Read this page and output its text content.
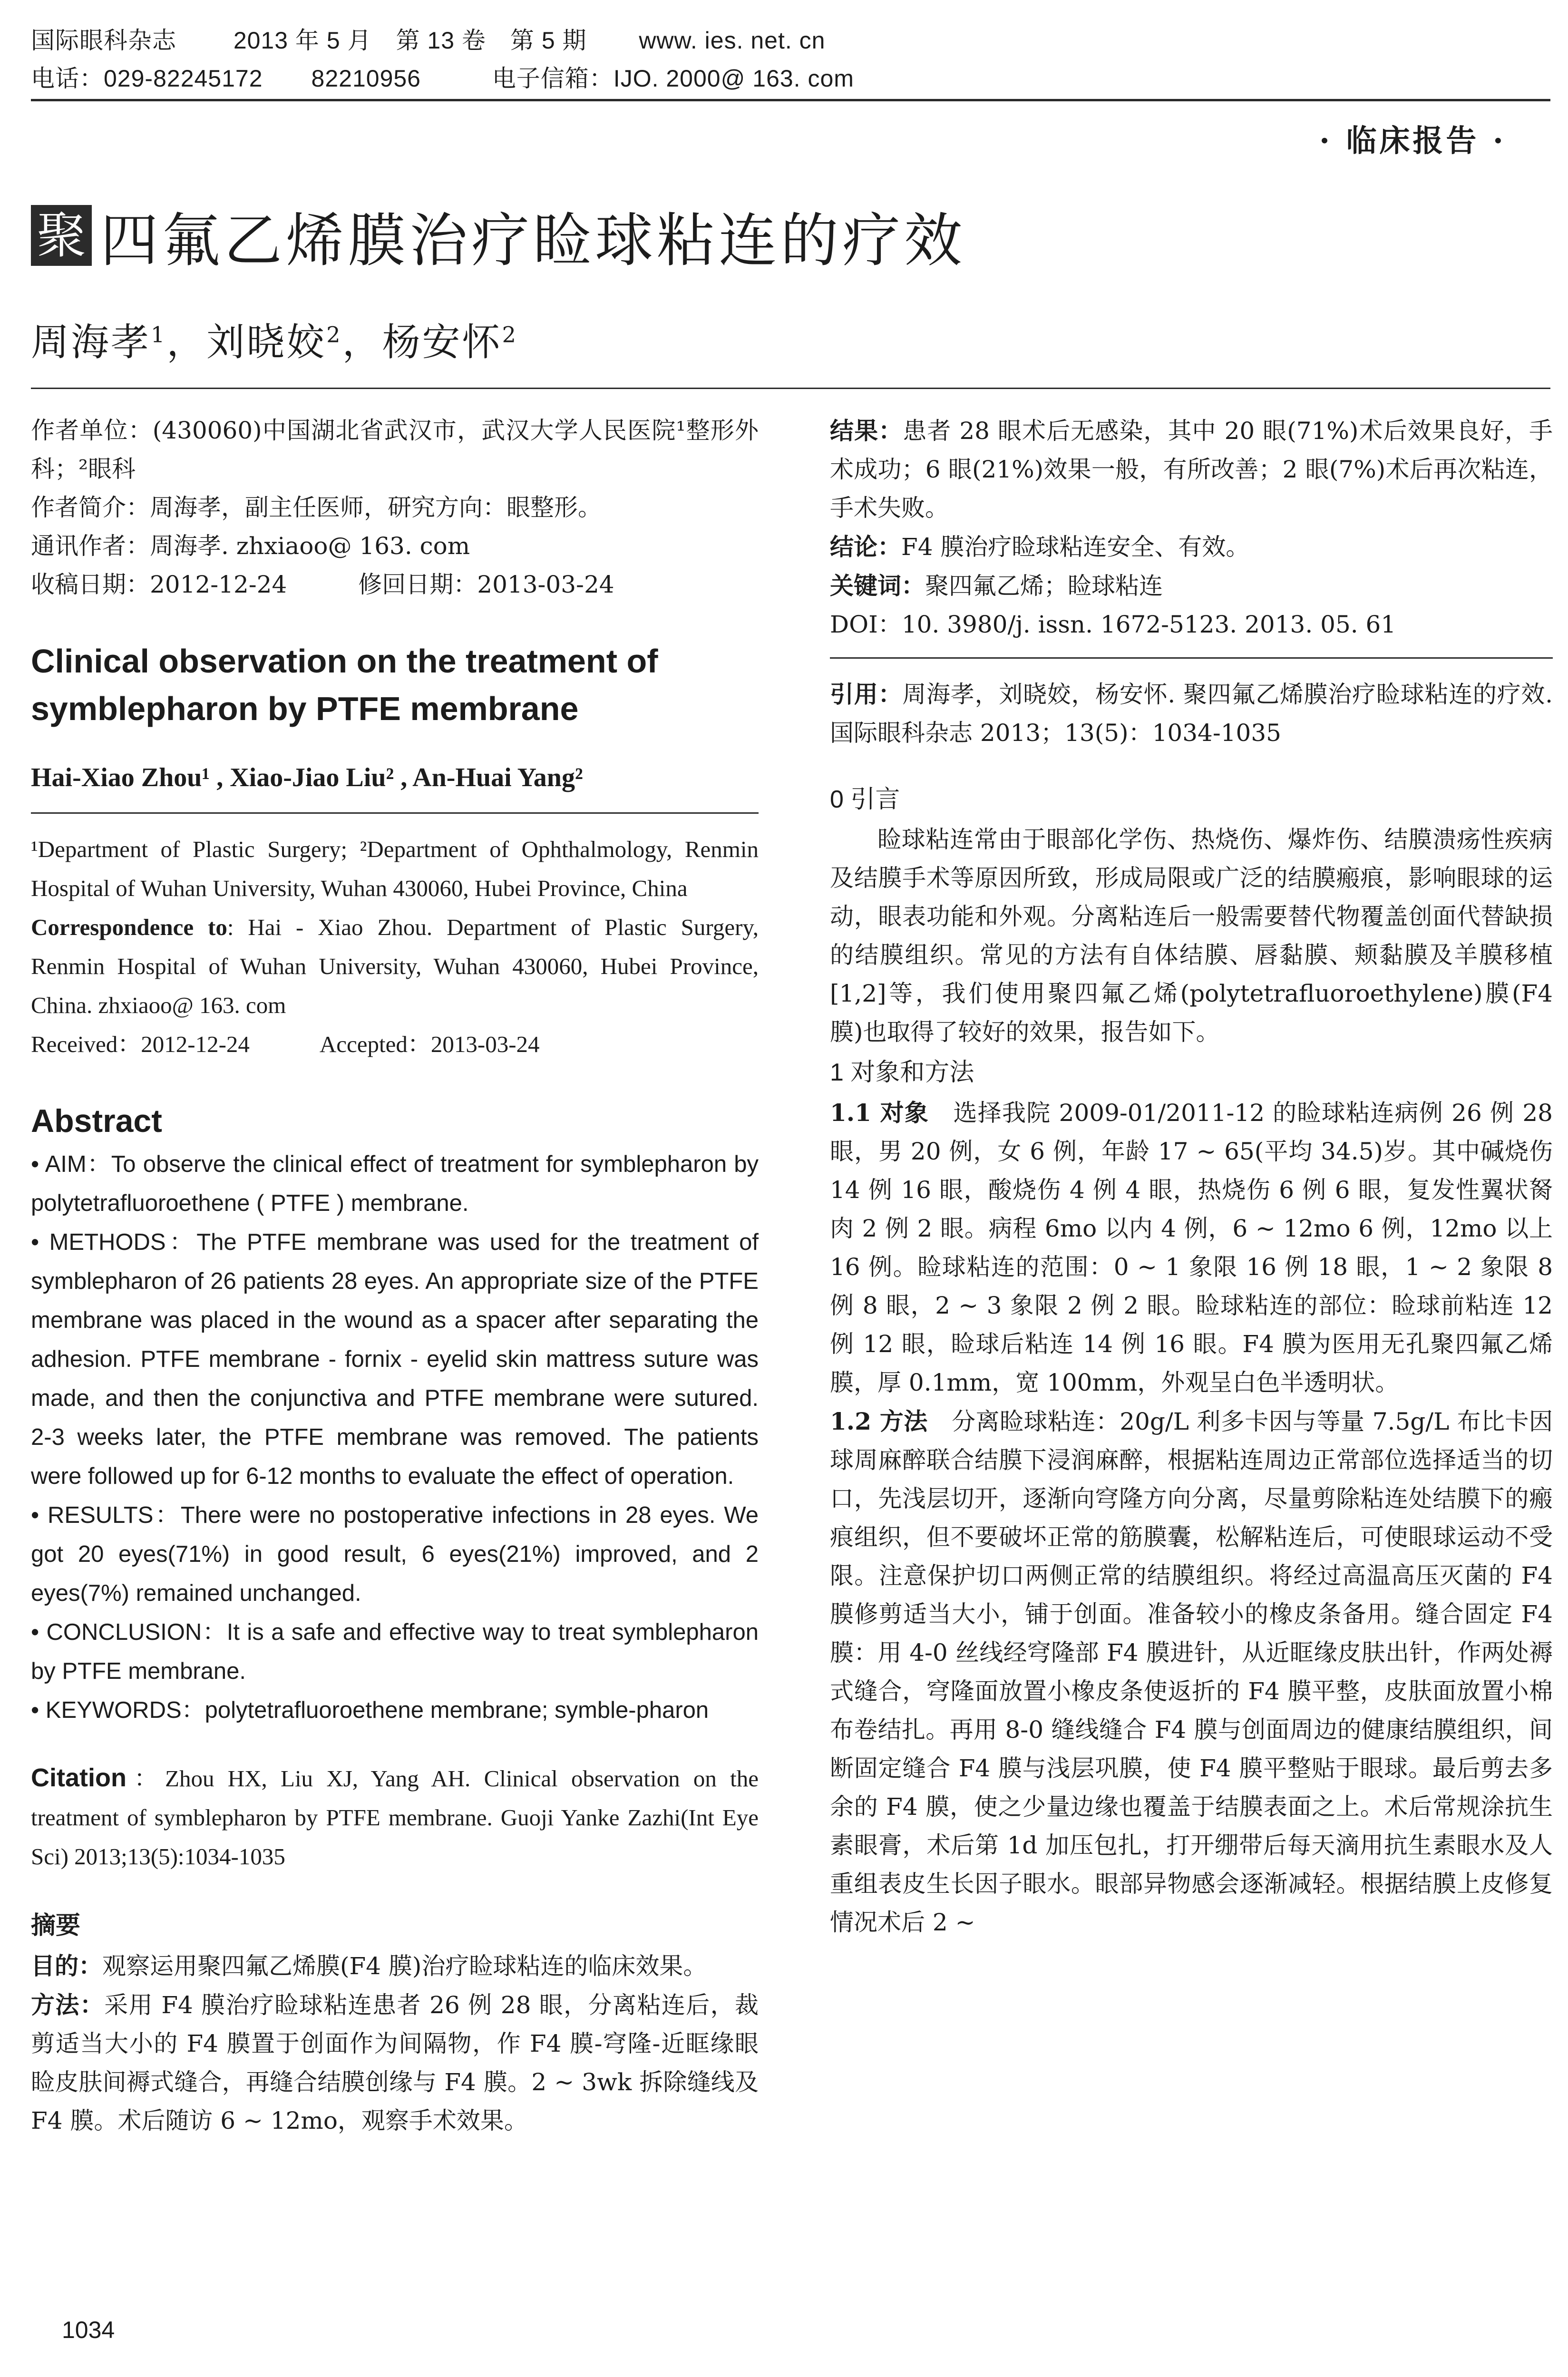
国际眼科杂志 2013 年 5 月　第 13 卷　第 5 期 www. ies. net. cn
电话：029-82245172　　82210956	电子信箱：IJO. 2000@ 163. com
· 临床报告 ·
聚 四氟乙烯膜治疗睑球粘连的疗效
周海孝$^1$，刘晓姣$^2$，杨安怀$^2$
作者单位：(430060)中国湖北省武汉市，武汉大学人民医院¹整形外科；²眼科
作者简介：周海孝，副主任医师，研究方向：眼整形。
通讯作者：周海孝. zhxiaoo@ 163. com
收稿日期：2012-12-24　　　修回日期：2013-03-24
Clinical observation on the treatment of symblepharon by PTFE membrane
Hai-Xiao Zhou¹ , Xiao-Jiao Liu² , An-Huai Yang²
¹Department of Plastic Surgery; ²Department of Ophthalmology, Renmin Hospital of Wuhan University, Wuhan 430060, Hubei Province, China
Correspondence to: Hai - Xiao Zhou. Department of Plastic Surgery, Renmin Hospital of Wuhan University, Wuhan 430060, Hubei Province, China. zhxiaoo@ 163. com
Received：2012-12-24　　　Accepted：2013-03-24
Abstract
• AIM：To observe the clinical effect of treatment for symblepharon by polytetrafluoroethene ( PTFE ) membrane.
• METHODS：The PTFE membrane was used for the treatment of symblepharon of 26 patients 28 eyes. An appropriate size of the PTFE membrane was placed in the wound as a spacer after separating the adhesion. PTFE membrane - fornix - eyelid skin mattress suture was made, and then the conjunctiva and PTFE membrane were sutured. 2-3 weeks later, the PTFE membrane was removed. The patients were followed up for 6-12 months to evaluate the effect of operation.
• RESULTS：There were no postoperative infections in 28 eyes. We got 20 eyes(71%) in good result, 6 eyes(21%) improved, and 2 eyes(7%) remained unchanged.
• CONCLUSION：It is a safe and effective way to treat symblepharon by PTFE membrane.
• KEYWORDS：polytetrafluoroethene membrane; symble-pharon
Citation：Zhou HX, Liu XJ, Yang AH. Clinical observation on the treatment of symblepharon by PTFE membrane. Guoji Yanke Zazhi(Int Eye Sci) 2013;13(5):1034-1035
摘要
目的：观察运用聚四氟乙烯膜(F4 膜)治疗睑球粘连的临床效果。
方法：采用 F4 膜治疗睑球粘连患者 26 例 28 眼，分离粘连后，裁剪适当大小的 F4 膜置于创面作为间隔物，作 F4 膜-穹隆-近眶缘眼睑皮肤间褥式缝合，再缝合结膜创缘与 F4 膜。2 ~ 3wk 拆除缝线及 F4 膜。术后随访 6 ~ 12mo，观察手术效果。
结果：患者 28 眼术后无感染，其中 20 眼(71%)术后效果良好，手术成功；6 眼(21%)效果一般，有所改善；2 眼(7%)术后再次粘连，手术失败。
结论：F4 膜治疗睑球粘连安全、有效。
关键词：聚四氟乙烯；睑球粘连
DOI：10. 3980/j. issn. 1672-5123. 2013. 05. 61
引用：周海孝，刘晓姣，杨安怀. 聚四氟乙烯膜治疗睑球粘连的疗效. 国际眼科杂志 2013；13(5)：1034-1035
0 引言
睑球粘连常由于眼部化学伤、热烧伤、爆炸伤、结膜溃疡性疾病及结膜手术等原因所致，形成局限或广泛的结膜瘢痕，影响眼球的运动，眼表功能和外观。分离粘连后一般需要替代物覆盖创面代替缺损的结膜组织。常见的方法有自体结膜、唇黏膜、颊黏膜及羊膜移植[1,2]等，我们使用聚四氟乙烯(polytetrafluoroethylene)膜(F4 膜)也取得了较好的效果，报告如下。
1 对象和方法
1.1 对象　选择我院 2009-01/2011-12 的睑球粘连病例 26 例 28 眼，男 20 例，女 6 例，年龄 17 ~ 65(平均 34.5)岁。其中碱烧伤 14 例 16 眼，酸烧伤 4 例 4 眼，热烧伤 6 例 6 眼，复发性翼状胬肉 2 例 2 眼。病程 6mo 以内 4 例，6 ~ 12mo 6 例，12mo 以上 16 例。睑球粘连的范围：0 ~ 1 象限 16 例 18 眼，1 ~ 2 象限 8 例 8 眼，2 ~ 3 象限 2 例 2 眼。睑球粘连的部位：睑球前粘连 12 例 12 眼，睑球后粘连 14 例 16 眼。F4 膜为医用无孔聚四氟乙烯膜，厚 0.1mm，宽 100mm，外观呈白色半透明状。
1.2 方法　分离睑球粘连：20g/L 利多卡因与等量 7.5g/L 布比卡因球周麻醉联合结膜下浸润麻醉，根据粘连周边正常部位选择适当的切口，先浅层切开，逐渐向穹隆方向分离，尽量剪除粘连处结膜下的瘢痕组织，但不要破坏正常的筋膜囊，松解粘连后，可使眼球运动不受限。注意保护切口两侧正常的结膜组织。将经过高温高压灭菌的 F4 膜修剪适当大小，铺于创面。准备较小的橡皮条备用。缝合固定 F4 膜：用 4-0 丝线经穹隆部 F4 膜进针，从近眶缘皮肤出针，作两处褥式缝合，穹隆面放置小橡皮条使返折的 F4 膜平整，皮肤面放置小棉布卷结扎。再用 8-0 缝线缝合 F4 膜与创面周边的健康结膜组织，间断固定缝合 F4 膜与浅层巩膜，使 F4 膜平整贴于眼球。最后剪去多余的 F4 膜，使之少量边缘也覆盖于结膜表面之上。术后常规涂抗生素眼膏，术后第 1d 加压包扎，打开绷带后每天滴用抗生素眼水及人重组表皮生长因子眼水。眼部异物感会逐渐减轻。根据结膜上皮修复情况术后 2 ~
1034
